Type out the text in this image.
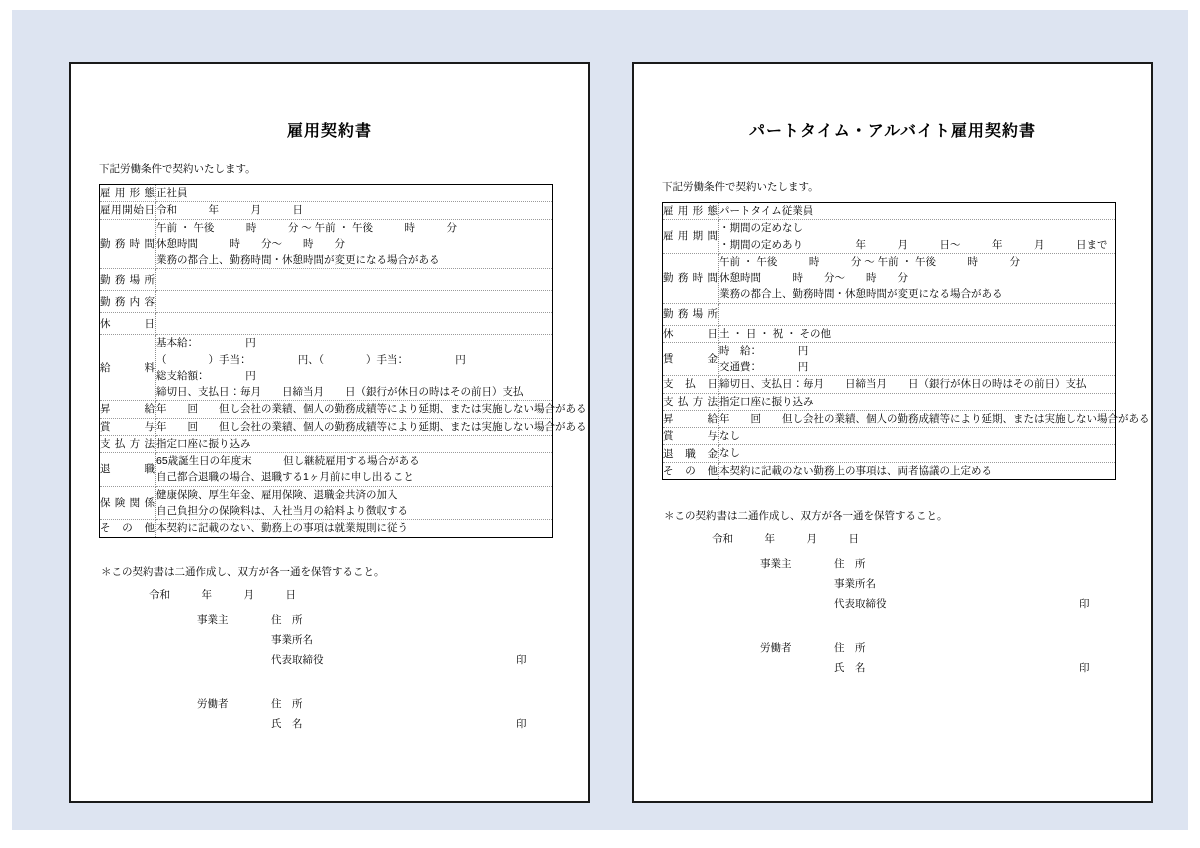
雇用契約書
下記労働条件で契約いたします。
雇用形態	正社員

雇用開始日	令和　　　年　　　月　　　日

勤務時間	午前 ・ 午後　　　時　　　分 ～ 午前 ・ 午後　　　時　　　分
休憩時間　　　時　　分～　　時　　分
業務の都合上、勤務時間・休憩時間が変更になる場合がある

勤務場所	

勤務内容	

休日	

給料	基本給：　　　　　円
（　　　　）手当：　　　　　円、（　　　　）手当：　　　　　円
総支給額：　　　　円
締切日、支払日：毎月　　日締当月　　日（銀行が休日の時はその前日）支払

昇給	年　　回　　但し会社の業績、個人の勤務成績等により延期、または実施しない場合がある

賞与	年　　回　　但し会社の業績、個人の勤務成績等により延期、または実施しない場合がある

支払方法	指定口座に振り込み

退職	65歳誕生日の年度末　　　但し継続雇用する場合がある
自己都合退職の場合、退職する1ヶ月前に申し出ること

保険関係	健康保険、厚生年金、雇用保険、退職金共済の加入
自己負担分の保険料は、入社当月の給料より徴収する

その他	本契約に記載のない、勤務上の事項は就業規則に従う
＊この契約書は二通作成し、双方が各一通を保管すること。
令和　　　年　　　月　　　日
事業主	住　所
事業所名
代表取締役	印
労働者	住　所
氏　名	印
パートタイム・アルバイト雇用契約書
下記労働条件で契約いたします。
雇用形態	パートタイム従業員

雇用期間	・期間の定めなし
・期間の定めあり　　　　　年　　　月　　　日～　　　年　　　月　　　日まで

勤務時間	午前 ・ 午後　　　時　　　分 ～ 午前 ・ 午後　　　時　　　分
休憩時間　　　時　　分～　　時　　分
業務の都合上、勤務時間・休憩時間が変更になる場合がある

勤務場所	

休日	土 ・ 日 ・ 祝 ・ その他

賃金	時　給：　　　　円
交通費：　　　　円

支払日	締切日、支払日：毎月　　日締当月　　日（銀行が休日の時はその前日）支払

支払方法	指定口座に振り込み

昇給	年　　回　　但し会社の業績、個人の勤務成績等により延期、または実施しない場合がある

賞与	なし

退職金	なし

その他	本契約に記載のない勤務上の事項は、両者協議の上定める
＊この契約書は二通作成し、双方が各一通を保管すること。
令和　　　年　　　月　　　日
事業主	住　所
事業所名
代表取締役	印
労働者	住　所
氏　名	印
